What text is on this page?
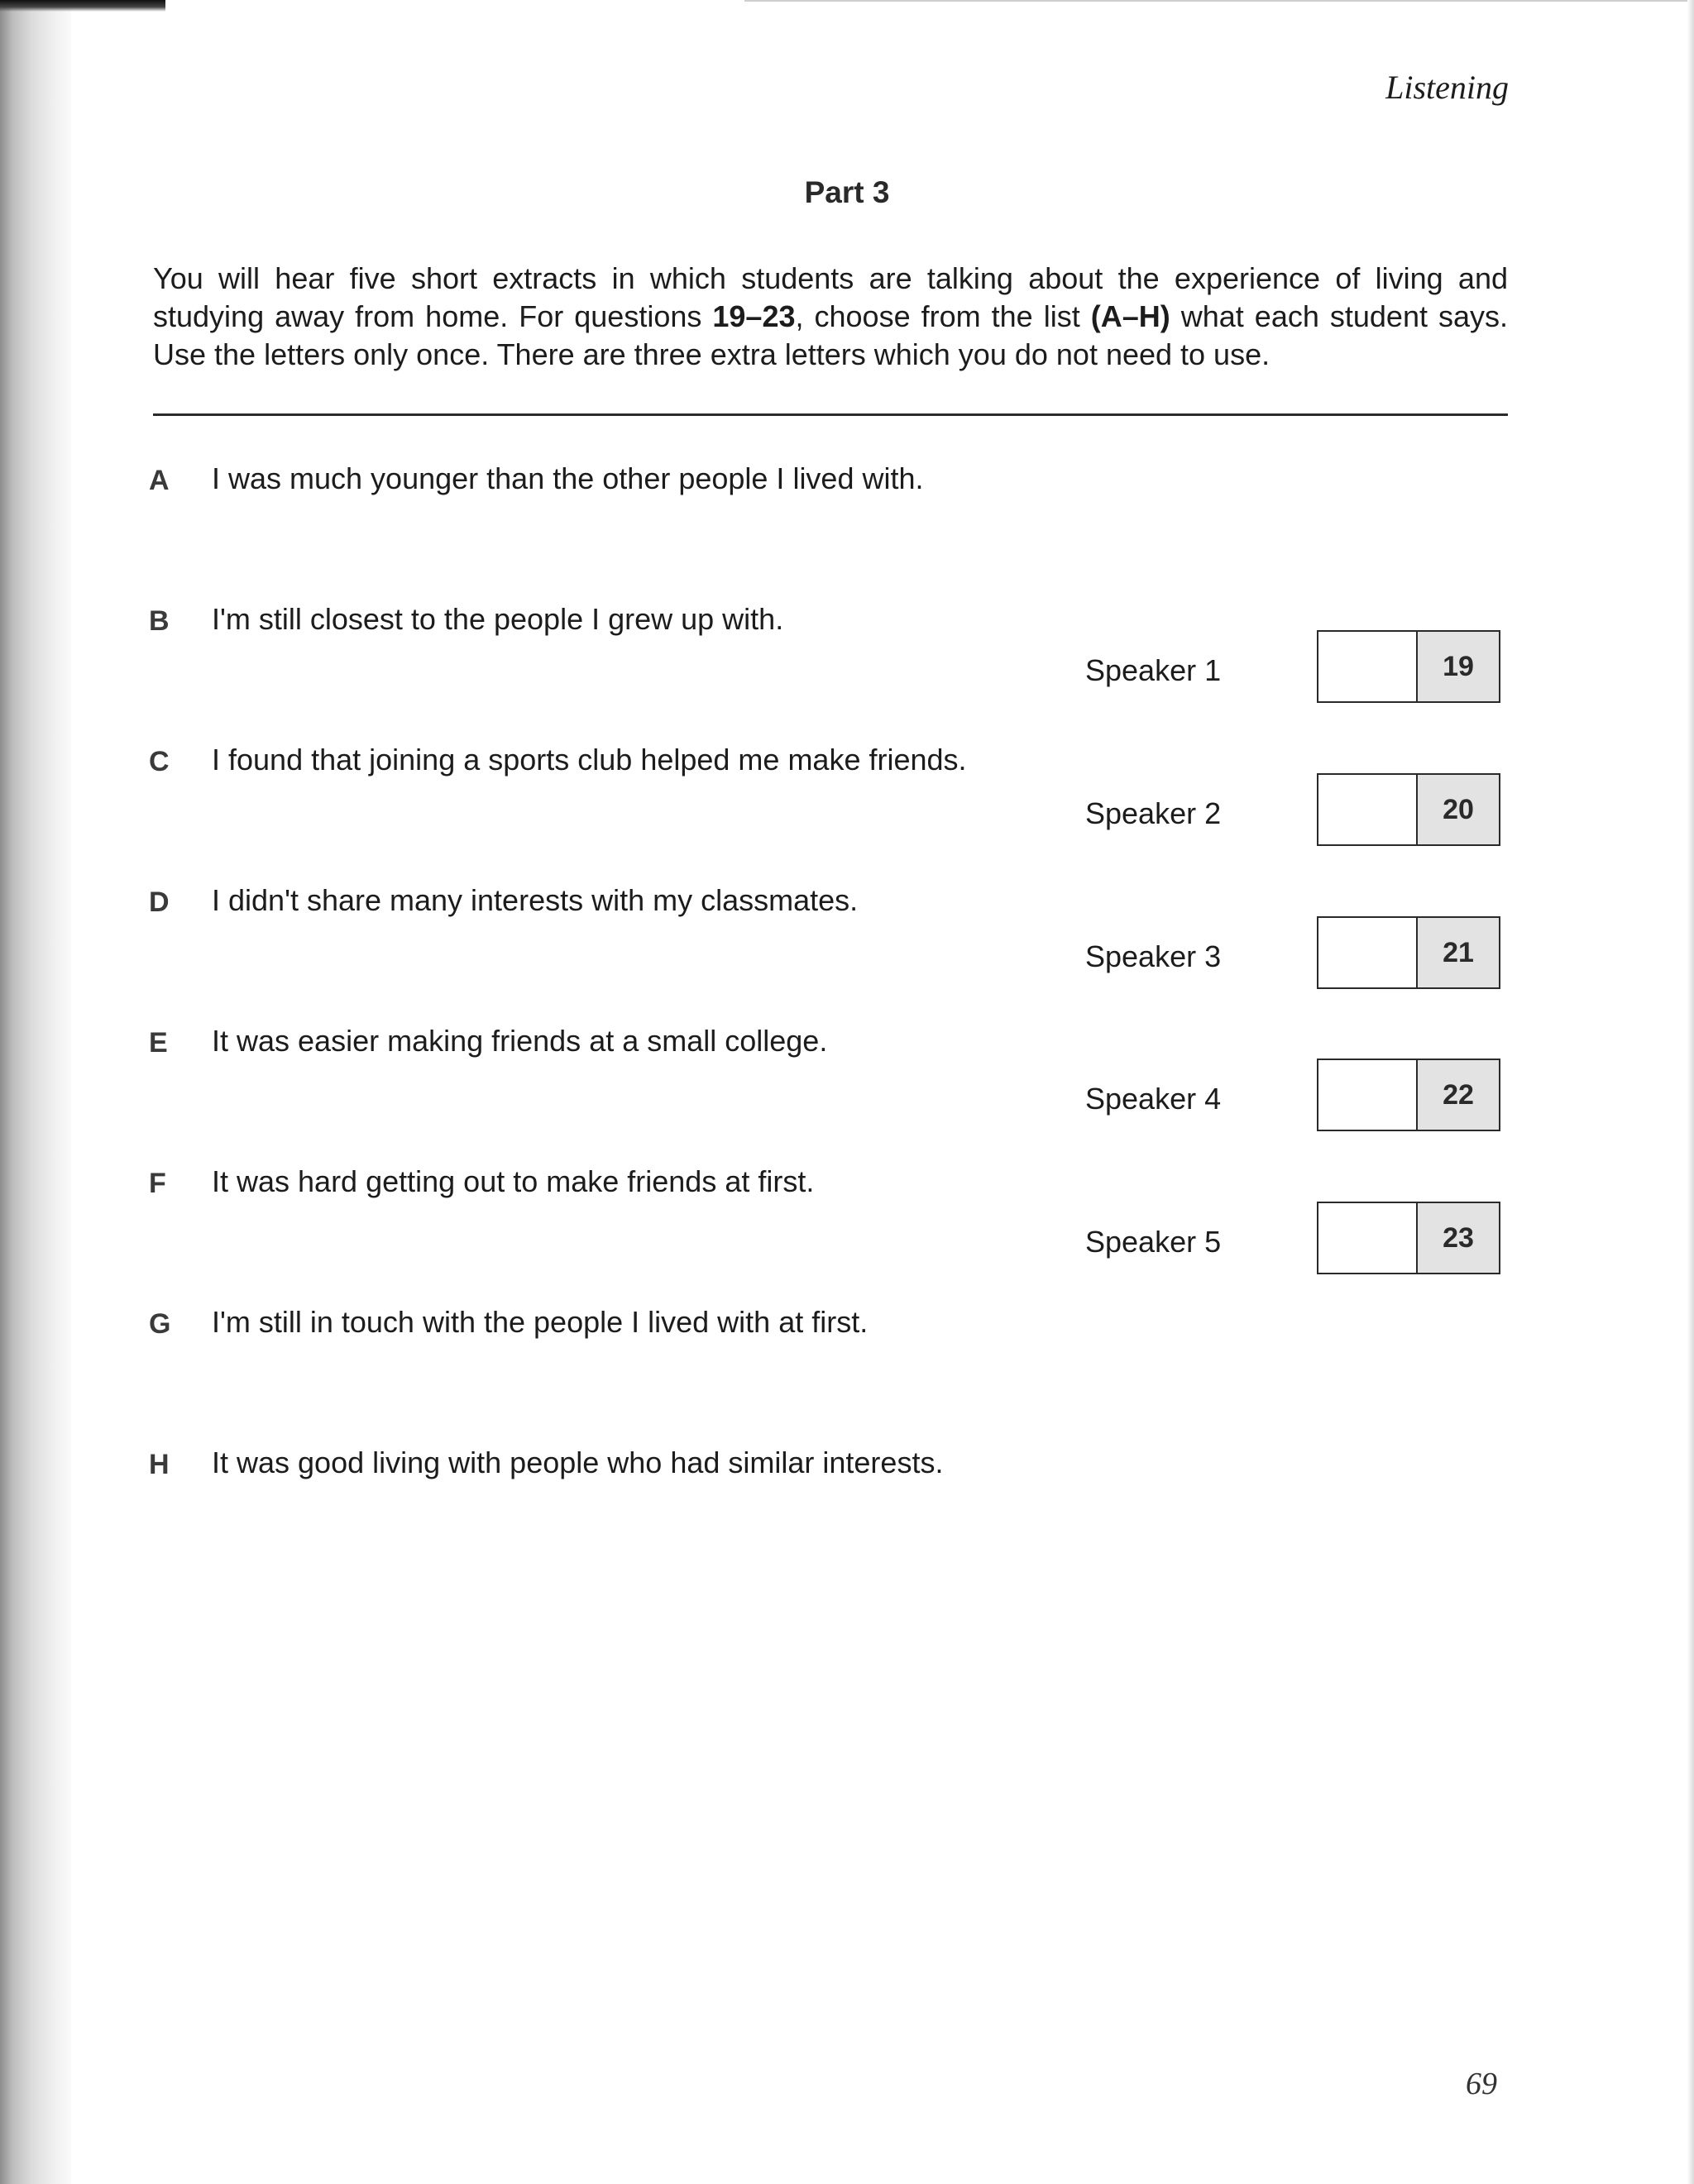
Listening
Part 3
You will hear five short extracts in which students are talking about the experience of living and studying away from home. For questions 19–23, choose from the list (A–H) what each student says. Use the letters only once. There are three extra letters which you do not need to use.
A	I was much younger than the other people I lived with.
B	I'm still closest to the people I grew up with.
C	I found that joining a sports club helped me make friends.
D	I didn't share many interests with my classmates.
E	It was easier making friends at a small college.
F	It was hard getting out to make friends at first.
G	I'm still in touch with the people I lived with at first.
H	It was good living with people who had similar interests.
Speaker 1	19
Speaker 2	20
Speaker 3	21
Speaker 4	22
Speaker 5	23
69
